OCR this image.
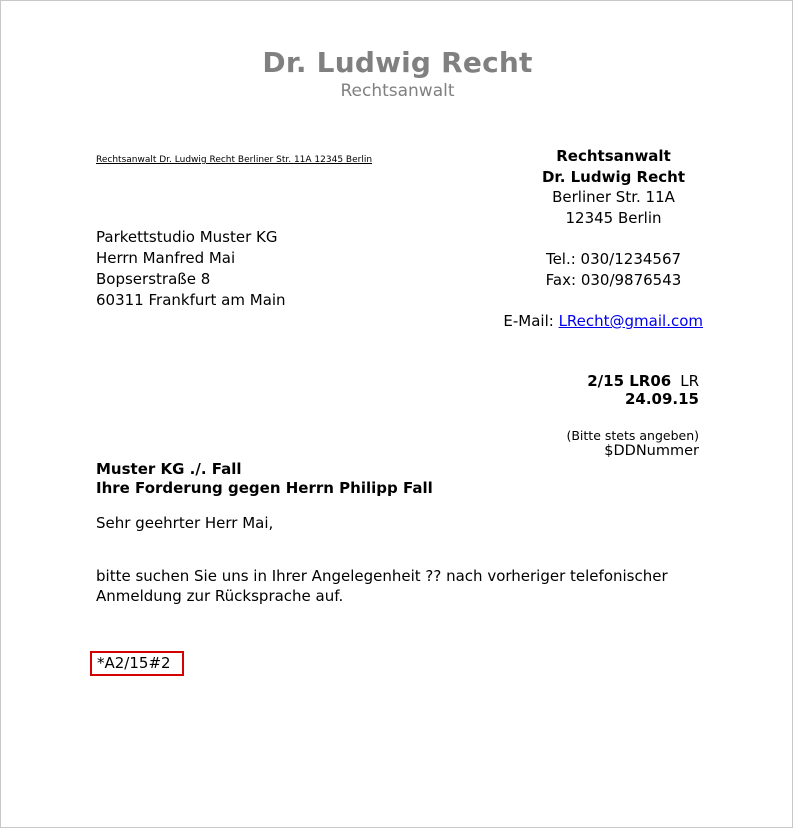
Dr. Ludwig Recht
Rechtsanwalt
Rechtsanwalt Dr. Ludwig Recht Berliner Str. 11A 12345 Berlin
Parkettstudio Muster KG
Herrn Manfred Mai
Bopserstraße 8
60311 Frankfurt am Main
Rechtsanwalt
Dr. Ludwig Recht
Berliner Str. 11A
12345 Berlin
Tel.: 030/1234567
Fax: 030/9876543
E-Mail: LRecht@gmail.com
2/15 LR06 LR
24.09.15
(Bitte stets angeben)
$DDNummer
Muster KG ./. Fall
Ihre Forderung gegen Herrn Philipp Fall
Sehr geehrter Herr Mai,
bitte suchen Sie uns in Ihrer Angelegenheit ?? nach vorheriger telefonischer
Anmeldung zur Rücksprache auf.
*A2/15#2
